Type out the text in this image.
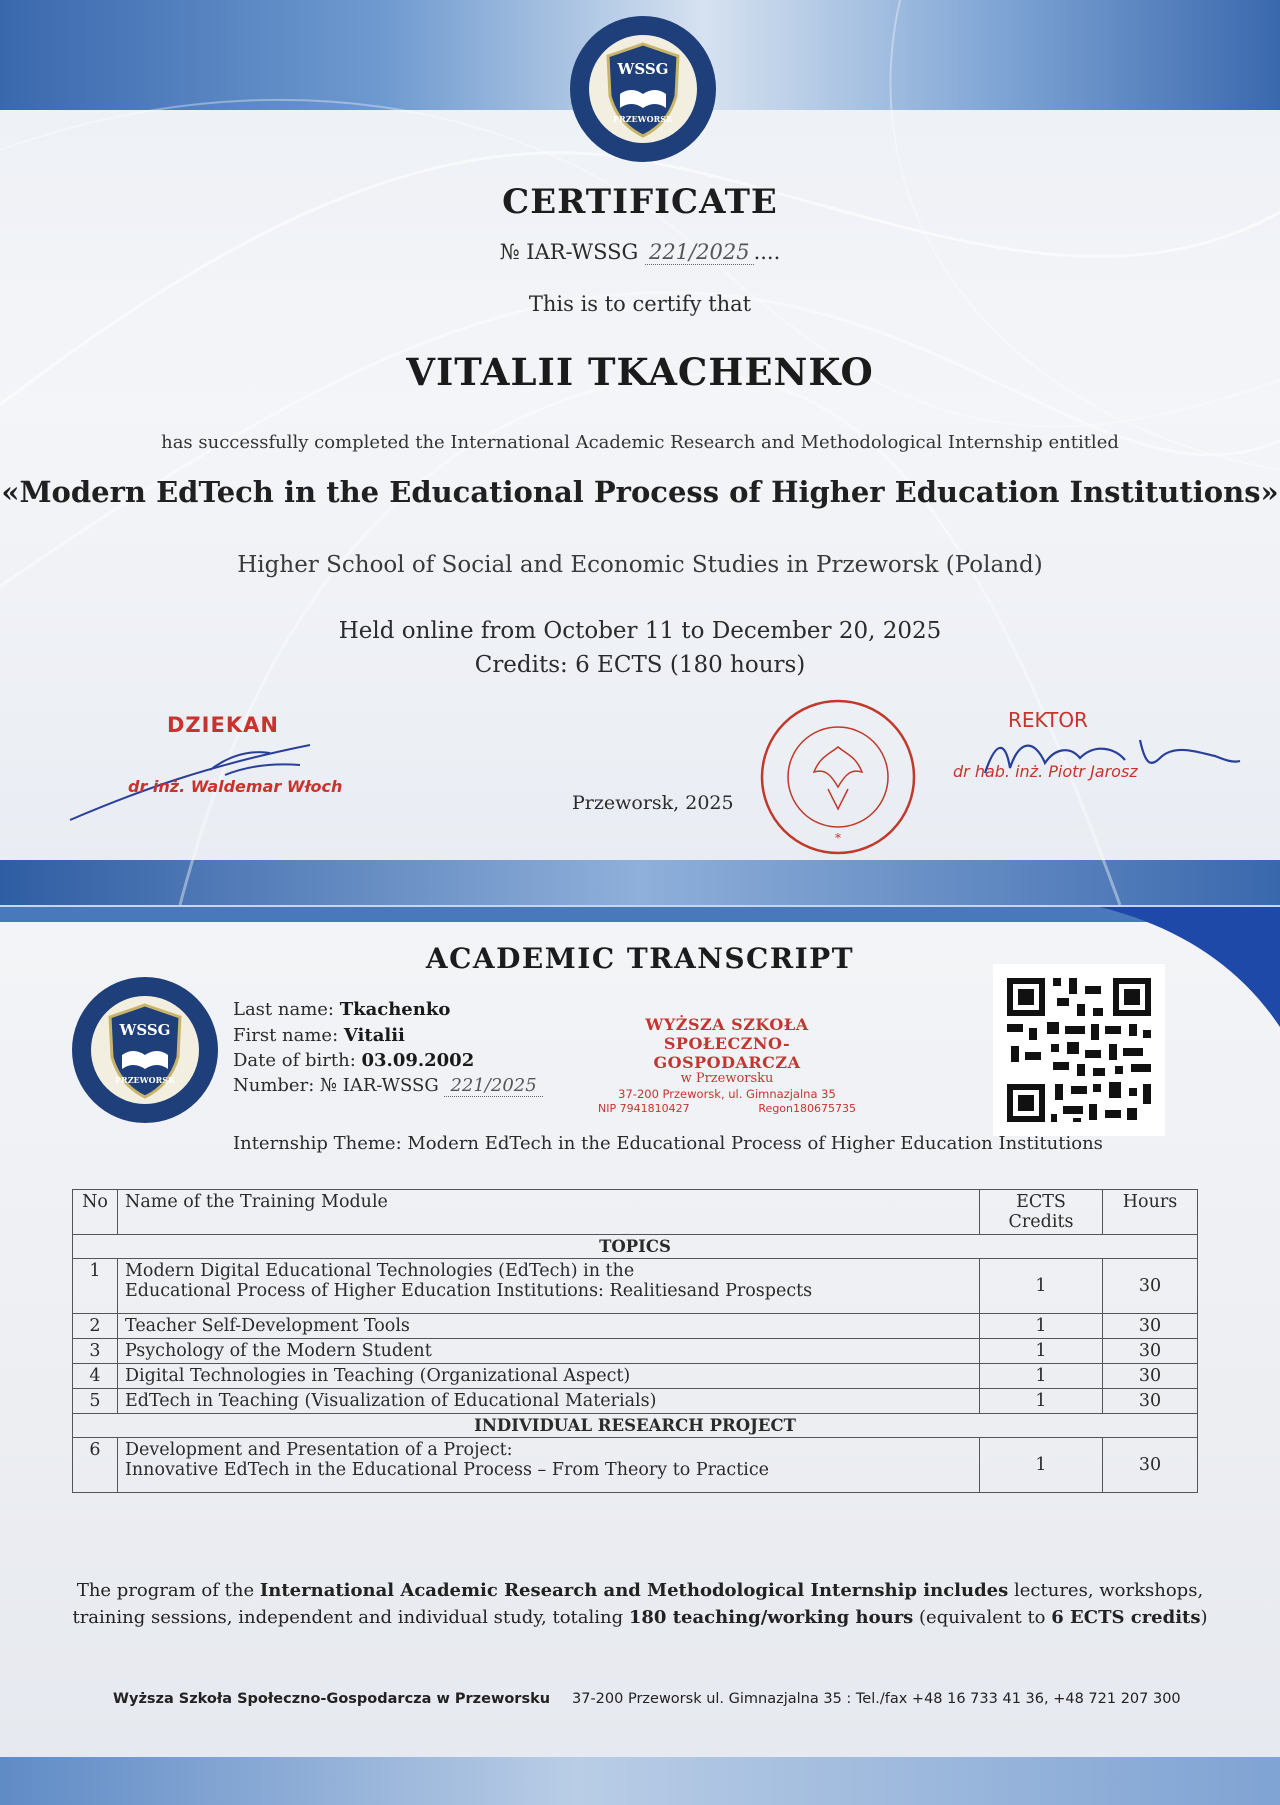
WSSG
PRZEWORSK
CERTIFICATE
№ IAR-WSSG 221/2025 ....
This is to certify that
VITALII TKACHENKO
has successfully completed the International Academic Research and Methodological Internship entitled
«Modern EdTech in the Educational Process of Higher Education Institutions»
Higher School of Social and Economic Studies in Przeworsk (Poland)
Held online from October 11 to December 20, 2025
Credits: 6 ECTS (180 hours)
DZIEKAN
dr inż. Waldemar Włoch
REKTOR
dr hab. inż. Piotr Jarosz
*
ACADEMIC TRANSCRIPT
WSSG
PRZEWORSK
Last name: Tkachenko
First name: Vitalii
Date of birth: 03.09.2002
Number: № IAR-WSSG 221/2025
WYŻSZA SZKOŁA
SPOŁECZNO-GOSPODARCZA
w Przeworsku
37-200 Przeworsk, ul. Gimnazjalna 35
NIP 7941810427	Regon180675735
Internship Theme: Modern EdTech in the Educational Process of Higher Education Institutions
No	Name of the Training Module	ECTS Credits	Hours
TOPICS			
1	Modern Digital Educational Technologies (EdTech) in the
Educational Process of Higher Education Institutions: Realitiesand Prospects	1	30
2	Teacher Self-Development Tools	1	30
3	Psychology of the Modern Student	1	30
4	Digital Technologies in Teaching (Organizational Aspect)	1	30
5	EdTech in Teaching (Visualization of Educational Materials)	1	30
INDIVIDUAL RESEARCH PROJECT			
6	Development and Presentation of a Project:
Innovative EdTech in the Educational Process – From Theory to Practice	1	30
The program of the International Academic Research and Methodological Internship includes lectures, workshops,
training sessions, independent and individual study, totaling 180 teaching/working hours (equivalent to 6 ECTS credits)
Wyższa Szkoła Społeczno-Gospodarcza w Przeworsku 37-200 Przeworsk ul. Gimnazjalna 35 : Tel./fax +48 16 733 41 36, +48 721 207 300
